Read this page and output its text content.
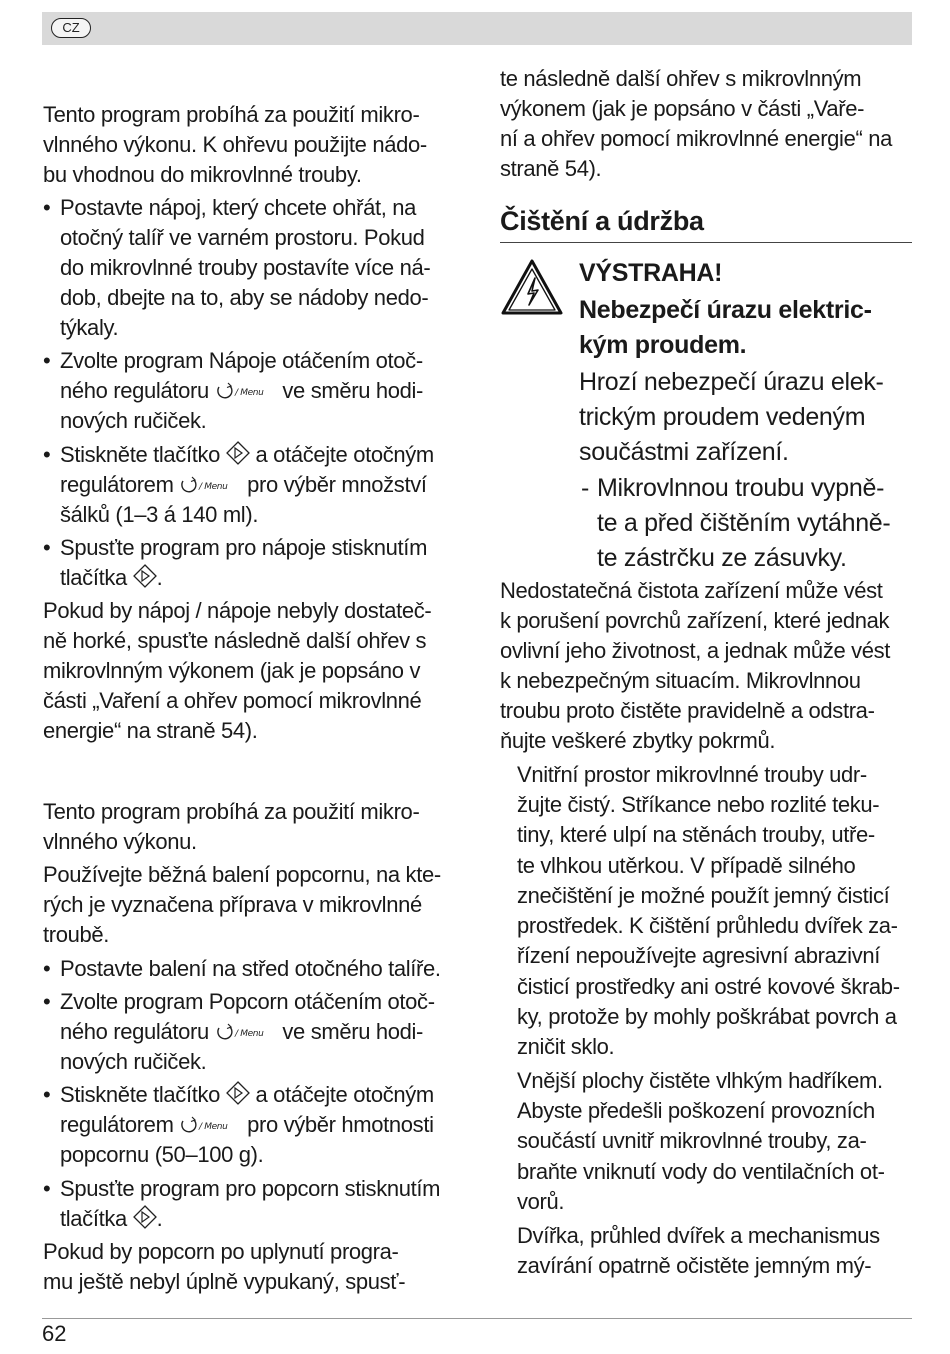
CZ
Tento program probíhá za použití mikro-
vlnného výkonu. K ohřevu použijte nádo-
bu vhodnou do mikrovlnné trouby.
• Postavte nápoj, který chcete ohřát, na
otočný talíř ve varném prostoru. Pokud
do mikrovlnné trouby postavíte více ná-
dob, dbejte na to, aby se nádoby nedo-
týkaly.
• Zvolte program Nápoje otáčením otoč-
ného regulátoru	/ Menu ve směru hodi-
nových ručiček.
• Stiskněte tlačítko a otáčejte otočným
regulátorem	/ Menu pro výběr množství
šálků (1–3 á 140 ml).
• Spusťte program pro nápoje stisknutím
tlačítka .
Pokud by nápoj / nápoje nebyly dostateč-
ně horké, spusťte následně další ohřev s
mikrovlnným výkonem (jak je popsáno v
části „Vaření a ohřev pomocí mikrovlnné
energie“ na straně 54).
Tento program probíhá za použití mikro-
vlnného výkonu.
Používejte běžná balení popcornu, na kte-
rých je vyznačena příprava v mikrovlnné
troubě.
• Postavte balení na střed otočného talíře.
• Zvolte program Popcorn otáčením otoč-
ného regulátoru	/ Menu ve směru hodi-
nových ručiček.
• Stiskněte tlačítko a otáčejte otočným
regulátorem	/ Menu pro výběr hmotnosti
popcornu (50–100 g).
• Spusťte program pro popcorn stisknutím
tlačítka .
Pokud by popcorn po uplynutí progra-
mu ještě nebyl úplně vypukaný, spusť-
te následně další ohřev s mikrovlnným
výkonem (jak je popsáno v části „Vaře-
ní a ohřev pomocí mikrovlnné energie“ na
straně 54).
Čištění a údržba
VÝSTRAHA!
Nebezpečí úrazu elektric-
kým proudem.
Hrozí nebezpečí úrazu elek-
trickým proudem vedeným
součástmi zařízení.
- Mikrovlnnou troubu vypně-
te a před čištěním vytáhně-
te zástrčku ze zásuvky.
Nedostatečná čistota zařízení může vést
k porušení povrchů zařízení, které jednak
ovlivní jeho životnost, a jednak může vést
k nebezpečným situacím. Mikrovlnnou
troubu proto čistěte pravidelně a odstra-
ňujte veškeré zbytky pokrmů.
Vnitřní prostor mikrovlnné trouby udr-
žujte čistý. Stříkance nebo rozlité teku-
tiny, které ulpí na stěnách trouby, utře-
te vlhkou utěrkou. V případě silného
znečištění je možné použít jemný čisticí
prostředek. K čištění průhledu dvířek za-
řízení nepoužívejte agresivní abrazivní
čisticí prostředky ani ostré kovové škrab-
ky, protože by mohly poškrábat povrch a
zničit sklo.
Vnější plochy čistěte vlhkým hadříkem.
Abyste předešli poškození provozních
součástí uvnitř mikrovlnné trouby, za-
braňte vniknutí vody do ventilačních ot-
vorů.
Dvířka, průhled dvířek a mechanismus
zavírání opatrně očistěte jemným mý-
62
